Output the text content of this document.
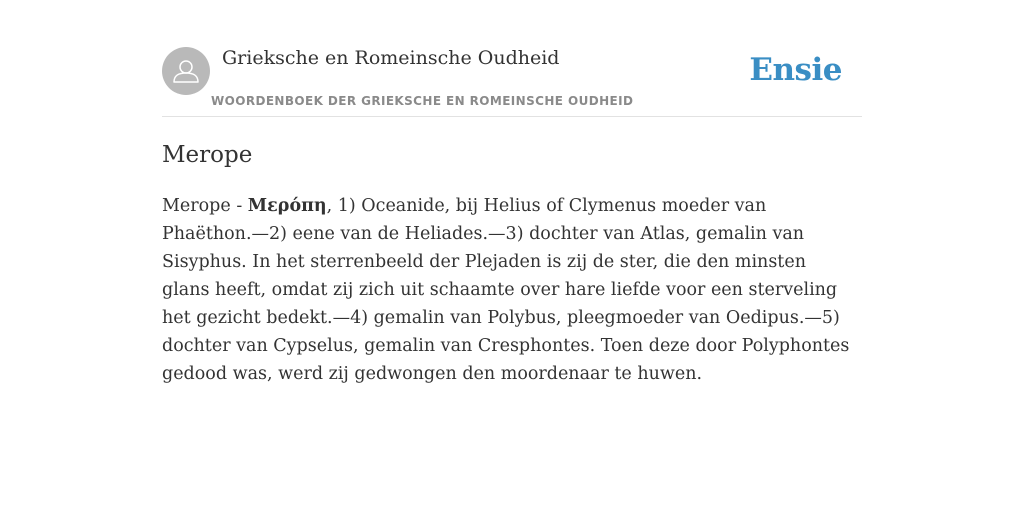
Grieksche en Romeinsche Oudheid
WOORDENBOEK DER GRIEKSCHE EN ROMEINSCHE OUDHEID
Ensie
Merope

Merope - Μερόπη, 1) Oceanide, bij Helius of Clymenus moeder van Phaëthon.—2) eene van de Heliades.—3) dochter van Atlas, gemalin van Sisyphus. In het sterrenbeeld der Plejaden is zij de ster, die den minsten glans heeft, omdat zij zich uit schaamte over hare liefde voor een sterveling het gezicht bedekt.—4) gemalin van Polybus, pleegmoeder van Oedipus.—5) dochter van Cypselus, gemalin van Cresphontes. Toen deze door Polyphontes gedood was, werd zij gedwongen den moordenaar te huwen.
